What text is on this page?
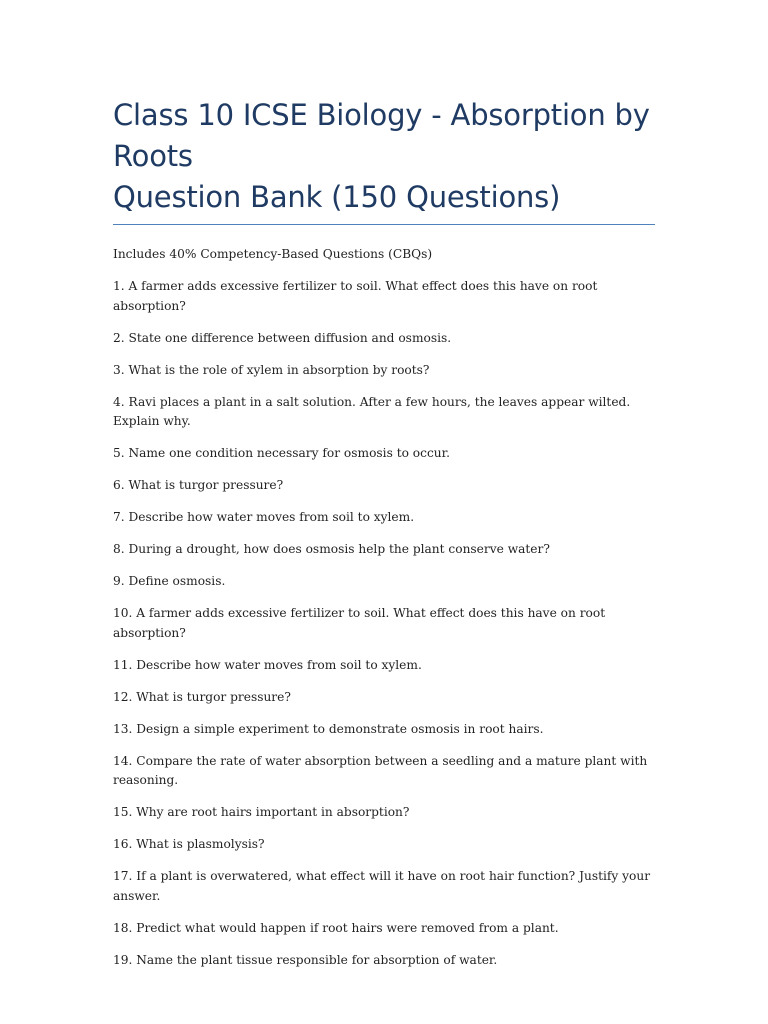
Class 10 ICSE Biology - Absorption by
Roots
Question Bank (150 Questions)

Includes 40% Competency-Based Questions (CBQs)

1. A farmer adds excessive fertilizer to soil. What effect does this have on root absorption?

2. State one difference between diffusion and osmosis.

3. What is the role of xylem in absorption by roots?

4. Ravi places a plant in a salt solution. After a few hours, the leaves appear wilted. Explain why.

5. Name one condition necessary for osmosis to occur.

6. What is turgor pressure?

7. Describe how water moves from soil to xylem.

8. During a drought, how does osmosis help the plant conserve water?

9. Define osmosis.

10. A farmer adds excessive fertilizer to soil. What effect does this have on root absorption?

11. Describe how water moves from soil to xylem.

12. What is turgor pressure?

13. Design a simple experiment to demonstrate osmosis in root hairs.

14. Compare the rate of water absorption between a seedling and a mature plant with reasoning.

15. Why are root hairs important in absorption?

16. What is plasmolysis?

17. If a plant is overwatered, what effect will it have on root hair function? Justify your answer.

18. Predict what would happen if root hairs were removed from a plant.

19. Name the plant tissue responsible for absorption of water.
